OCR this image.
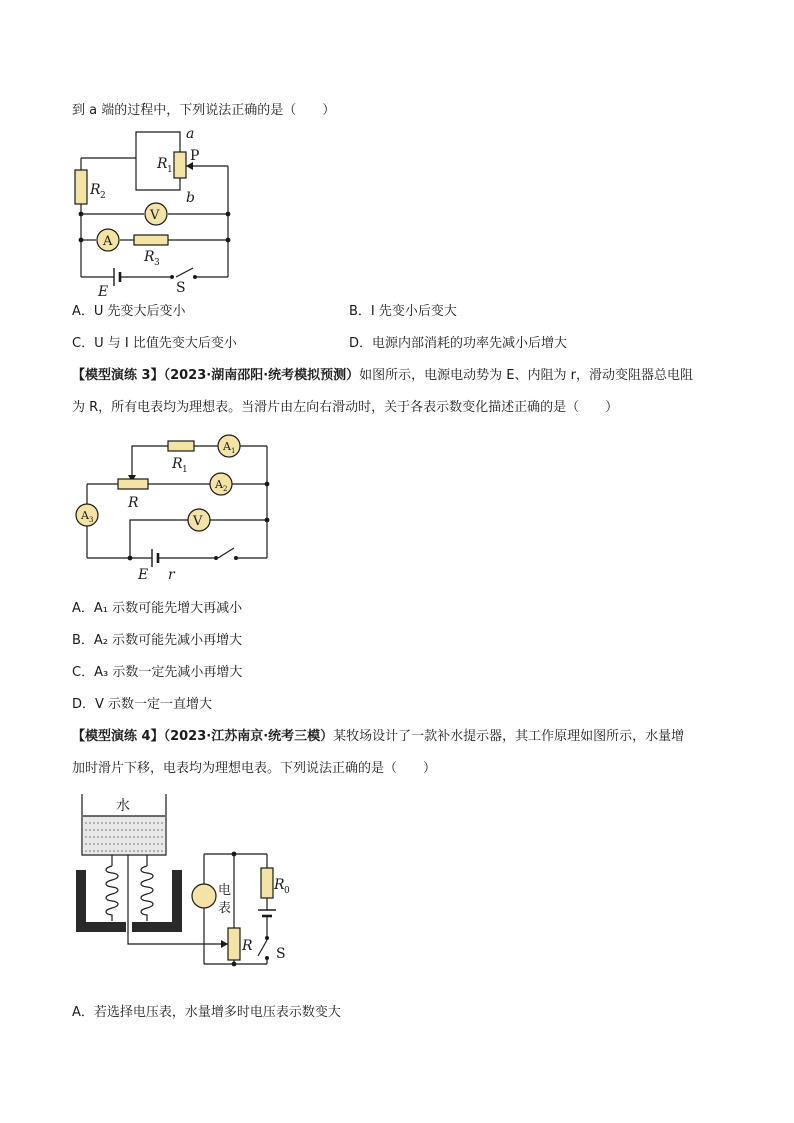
到 a 端的过程中，下列说法正确的是（　　）
a
b
P
R 1
R 2
R 3
V
A
E	S
A．U 先变大后变小	B．I 先变小后变大
C．U 与 I 比值先变大后变小	D．电源内部消耗的功率先减小后增大
【模型演练 3】（2023·湖南邵阳·统考模拟预测）如图所示，电源电动势为 E、内阻为 r，滑动变阻器总电阻
为 R，所有电表均为理想表。当滑片由左向右滑动时，关于各表示数变化描述正确的是（　　）
R 1
R
A 1
A 2
A 3	V
E r
A．A₁ 示数可能先增大再减小
B．A₂ 示数可能先减小再增大
C．A₃ 示数一定先减小再增大
D．V 示数一定一直增大
【模型演练 4】（2023·江苏南京·统考三模）某牧场设计了一款补水提示器，其工作原理如图所示，水量增
加时滑片下移，电表均为理想电表。下列说法正确的是（　　）
水
电
表
R 0
R S
A．若选择电压表，水量增多时电压表示数变大
